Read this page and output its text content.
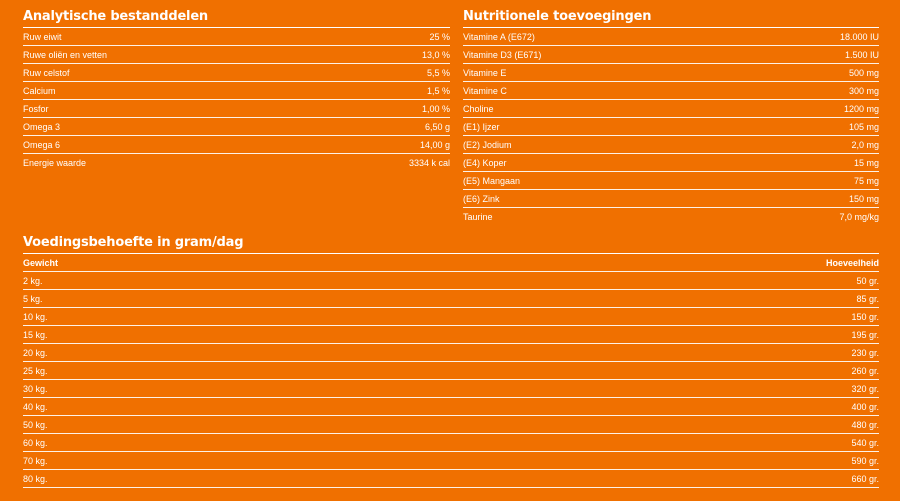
Analytische bestanddelen
Ruw eiwit	25 %
Ruwe oliën en vetten	13,0 %
Ruw celstof	5,5 %
Calcium	1,5 %
Fosfor	1,00 %
Omega 3	6,50 g
Omega 6	14,00 g
Energie waarde	3334 k cal
Nutritionele toevoegingen
Vitamine A (E672)	18.000 IU
Vitamine D3 (E671)	1.500 IU
Vitamine E	500 mg
Vitamine C	300 mg
Choline	1200 mg
(E1) Ijzer	105 mg
(E2) Jodium	2,0 mg
(E4) Koper	15 mg
(E5) Mangaan	75 mg
(E6) Zink	150 mg
Taurine	7,0 mg/kg
Voedingsbehoefte in gram/dag
Gewicht	Hoeveelheid
2 kg.	50 gr.
5 kg.	85 gr.
10 kg.	150 gr.
15 kg.	195 gr.
20 kg.	230 gr.
25 kg.	260 gr.
30 kg.	320 gr.
40 kg.	400 gr.
50 kg.	480 gr.
60 kg.	540 gr.
70 kg.	590 gr.
80 kg.	660 gr.
